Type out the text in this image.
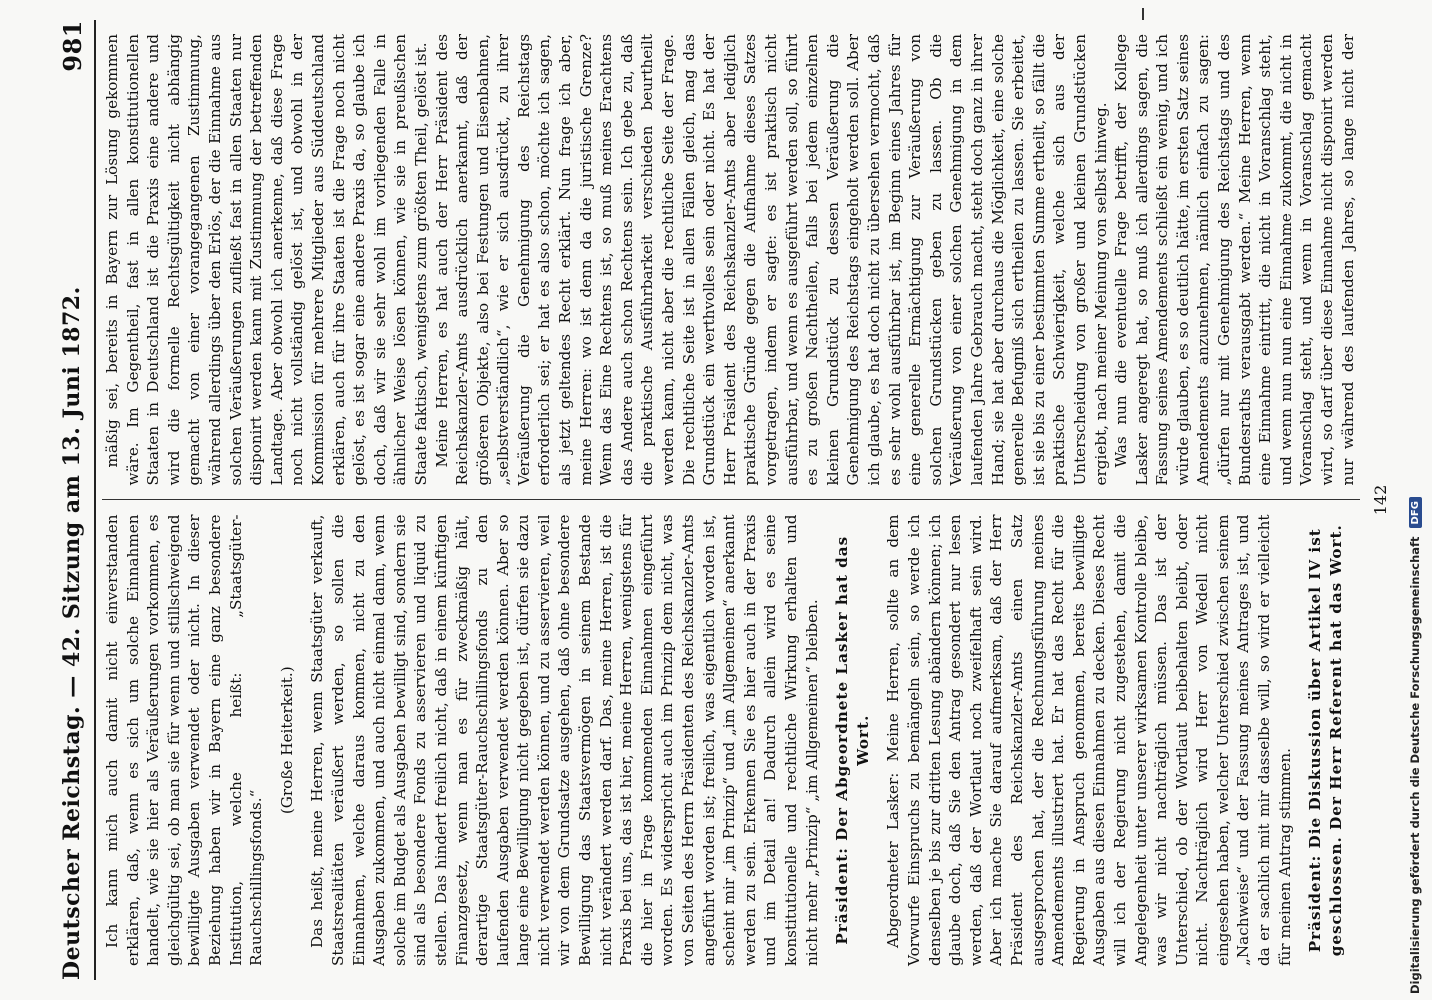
Deutscher Reichstag. — 42. Sitzung am 13. Juni 1872.
981

Ich kann mich auch damit nicht einverstanden erklären, daß, wenn es sich um solche Einnahmen handelt, wie sie hier als Veräußerungen vorkommen, es gleichgültig sei, ob man sie für wenn und stillschweigend bewilligte Ausgaben verwendet oder nicht. In dieser Beziehung haben wir in Bayern eine ganz besondere Institution, welche heißt: „Staatsgüter-Rauchschillingsfonds.“

(Große Heiterkeit.) Das heißt, meine Herren, wenn Staatsgüter verkauft, Staatsrealitäten veräußert werden, so sollen die Einnahmen, welche daraus kommen, nicht zu den Ausgaben zukommen, und auch nicht einmal dann, wenn solche im Budget als Ausgaben bewilligt sind, sondern sie sind als besondere Fonds zu asservieren und liquid zu stellen. Das hindert freilich nicht, daß in einem künftigen Finanzgesetz, wenn man es für zweckmäßig hält, derartige Staatsgüter-Rauchschillingsfonds zu den laufenden Ausgaben verwendet werden können. Aber so lange eine Bewilligung nicht gegeben ist, dürfen sie dazu nicht verwendet werden können, und zu asservieren, weil wir von dem Grundsatze ausgehen, daß ohne besondere Bewilligung das Staatsvermögen in seinem Bestande nicht verändert werden darf. Das, meine Herren, ist die Praxis bei uns, das ist hier, meine Herren, wenigstens für die hier in Frage kommenden Einnahmen eingeführt worden. Es widerspricht auch im Prinzip dem nicht, was von Seiten des Herrn Präsidenten des Reichskanzler-Amts angeführt worden ist; freilich, was eigentlich worden ist, scheint mir „im Prinzip“ und „im Allgemeinen“ anerkannt werden zu sein. Erkennen Sie es hier auch in der Praxis und im Detail an! Dadurch allein wird es seine konstitutionelle und rechtliche Wirkung erhalten und nicht mehr „Prinzip“ „im Allgemeinen“ bleiben. Präsident: Der Abgeordnete Lasker hat das Wort. Abgeordneter Lasker: Meine Herren, sollte an dem Vorwurfe Einspruchs zu bemängeln sein, so werde ich denselben je bis zur dritten Lesung abändern können; ich glaube doch, daß Sie den Antrag gesondert nur lesen werden, daß der Wortlaut noch zweifelhaft sein wird. Aber ich mache Sie darauf aufmerksam, daß der Herr Präsident des Reichskanzler-Amts einen Satz ausgesprochen hat, der die Rechnungsführung meines Amendements illustriert hat. Er hat das Recht für die Regierung in Anspruch genommen, bereits bewilligte Ausgaben aus diesen Einnahmen zu decken. Dieses Recht will ich der Regierung nicht zugestehen, damit die Angelegenheit unter unserer wirksamen Kontrolle bleibe, was wir nicht nachträglich müssen. Das ist der Unterschied, ob der Wortlaut beibehalten bleibt, oder nicht. Nachträglich wird Herr von Wedell nicht eingesehen haben, welcher Unterschied zwischen seinem „Nachweise“ und der Fassung meines Antrages ist, und da er sachlich mit mir dasselbe will, so wird er vielleicht für meinen Antrag stimmen. Präsident: Die Diskussion über Artikel IV ist geschlossen. Der Herr Referent hat das Wort. Berichterstatter Abgeordneter Miquel: Meine Herren,

mäßig sei, bereits in Bayern zur Lösung gekommen wäre. Im Gegentheil, fast in allen konstitutionellen Staaten in Deutschland ist die Praxis eine andere und wird die formelle Rechtsgültigkeit nicht abhängig gemacht von einer vorangegangenen Zustimmung, während allerdings über den Erlös, der die Einnahme aus solchen Veräußerungen zufließt fast in allen Staaten nur disponirt werden kann mit Zustimmung der betreffenden Landtage. Aber obwohl ich anerkenne, daß diese Frage noch nicht vollständig gelöst ist, und obwohl in der Kommission für mehrere Mitglieder aus Süddeutschland erklären, auch für ihre Staaten ist die Frage noch nicht gelöst, es ist sogar eine andere Praxis da, so glaube ich doch, daß wir sie sehr wohl im vorliegenden Falle in ähnlicher Weise lösen können, wie sie in preußischen Staate faktisch, wenigstens zum größten Theil, gelöst ist. Meine Herren, es hat auch der Herr Präsident des Reichskanzler-Amts ausdrücklich anerkannt, daß der größeren Objekte, also bei Festungen und Eisenbahnen, „selbstverständlich“, wie er sich ausdrückt, zu ihrer Veräußerung die Genehmigung des Reichstags erforderlich sei; er hat es also schon, möchte ich sagen, als jetzt geltendes Recht erklärt. Nun frage ich aber, meine Herren: wo ist denn da die juristische Grenze? Wenn das Eine Rechtens ist, so muß meines Erachtens das Andere auch schon Rechtens sein. Ich gebe zu, daß die praktische Ausführbarkeit verschieden beurtheilt werden kann, nicht aber die rechtliche Seite der Frage. Die rechtliche Seite ist in allen Fällen gleich, mag das Grundstück ein werthvolles sein oder nicht. Es hat der Herr Präsident des Reichskanzler-Amts aber lediglich praktische Gründe gegen die Aufnahme dieses Satzes vorgetragen, indem er sagte: es ist praktisch nicht ausführbar, und wenn es ausgeführt werden soll, so führt es zu großen Nachtheilen, falls bei jedem einzelnen kleinen Grundstück zu dessen Veräußerung die Genehmigung des Reichstags eingeholt werden soll. Aber ich glaube, es hat doch nicht zu übersehen vermocht, daß es sehr wohl ausführbar ist, im Beginn eines Jahres für eine generelle Ermächtigung zur Veräußerung von solchen Grundstücken geben zu lassen. Ob die Veräußerung von einer solchen Genehmigung in dem laufenden Jahre Gebrauch macht, steht doch ganz in ihrer Hand; sie hat aber durchaus die Möglichkeit, eine solche generelle Befugniß sich ertheilen zu lassen. Sie erbeitet, ist sie bis zu einer bestimmten Summe ertheilt, so fällt die praktische Schwierigkeit, welche sich aus der Unterscheidung von großer und kleinen Grundstücken ergiebt, nach meiner Meinung von selbst hinweg. Was nun die eventuelle Frage betrifft, der Kollege Lasker angeregt hat, so muß ich allerdings sagen, die Fassung seines Amendements schließt ein wenig, und ich würde glauben, es so deutlich hätte, im ersten Satz seines Amendements anzunehmen, nämlich einfach zu sagen: „dürfen nur mit Genehmigung des Reichstags und des Bundesraths verausgabt werden.“ Meine Herren, wenn eine Einnahme eintritt, die nicht in Voranschlag steht, und wenn nun nun eine Einnahme zukommt, die nicht in Voranschlag steht, und wenn in Voranschlag gemacht wird, so darf über diese Einnahme nicht disponirt werden nur während des laufenden Jahres, so lange nicht der

142
Digitalisierung gefördert durch die Deutsche Forschungsgemeinschaft
DFG
